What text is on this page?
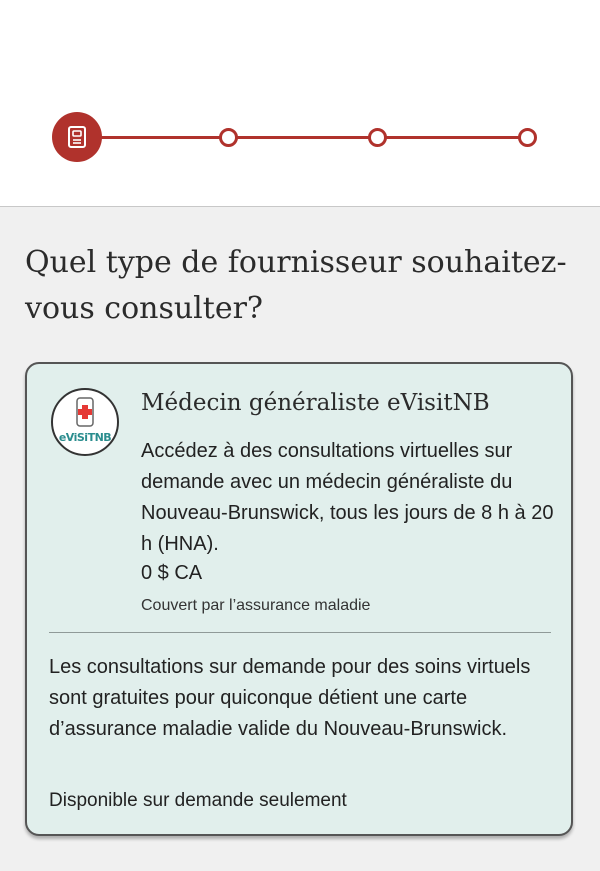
Quel type de fournisseur souhaitez-vous consulter?
eViSiTNB
Médecin généraliste eVisitNB

Accédez à des consultations virtuelles sur demande avec un médecin généraliste du Nouveau-Brunswick, tous les jours de 8 h à 20 h (HNA).

0 $ CA
Couvert par l’assurance maladie

Les consultations sur demande pour des soins virtuels sont gratuites pour quiconque détient une carte d’assurance maladie valide du Nouveau-Brunswick.

Disponible sur demande seulement
